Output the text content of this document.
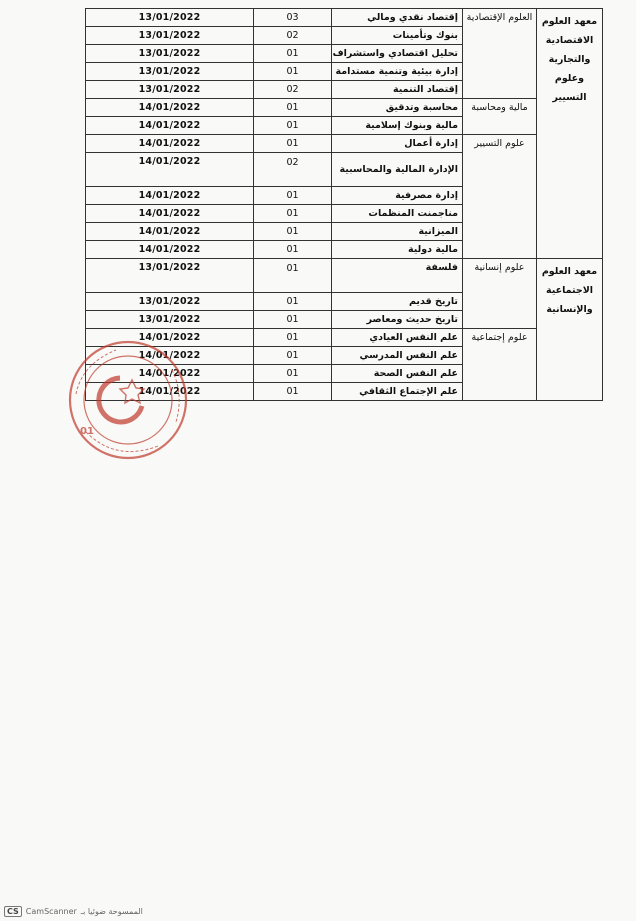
13/01/2022	03	إقتصاد نقدي ومالي	العلوم الإقتصادية	معهد العلوم الاقتصادية والتجارية وعلوم التسيير
13/01/2022	02	بنوك وتأمينات		
13/01/2022	01	تحليل اقتصادي واستشراف		
13/01/2022	01	إدارة بيئية وتنمية مستدامة		
13/01/2022	02	إقتصاد التنمية		
14/01/2022	01	محاسبة وتدقيق	مالية ومحاسبة	
14/01/2022	01	مالية وبنوك إسلامية		
14/01/2022	01	إدارة أعمال	علوم التسيير	
14/01/2022	02	الإدارة المالية والمحاسبية		
14/01/2022	01	إدارة مصرفية		
14/01/2022	01	مناجمنت المنظمات		
14/01/2022	01	الميزانية		
14/01/2022	01	مالية دولية		
13/01/2022	01	فلسفة	علوم إنسانية	معهد العلوم الاجتماعية والإنسانية
13/01/2022	01	تاريخ قديم		
13/01/2022	01	تاريخ حديث ومعاصر		
14/01/2022	01	علم النفس العيادي	علوم إجتماعية	
14/01/2022	01	علم النفس المدرسي		
14/01/2022	01	علم النفس الصحة		
14/01/2022	01	علم الإجتماع الثقافي		
01
CS CamScanner الممسوحة ضوئيا بـ
